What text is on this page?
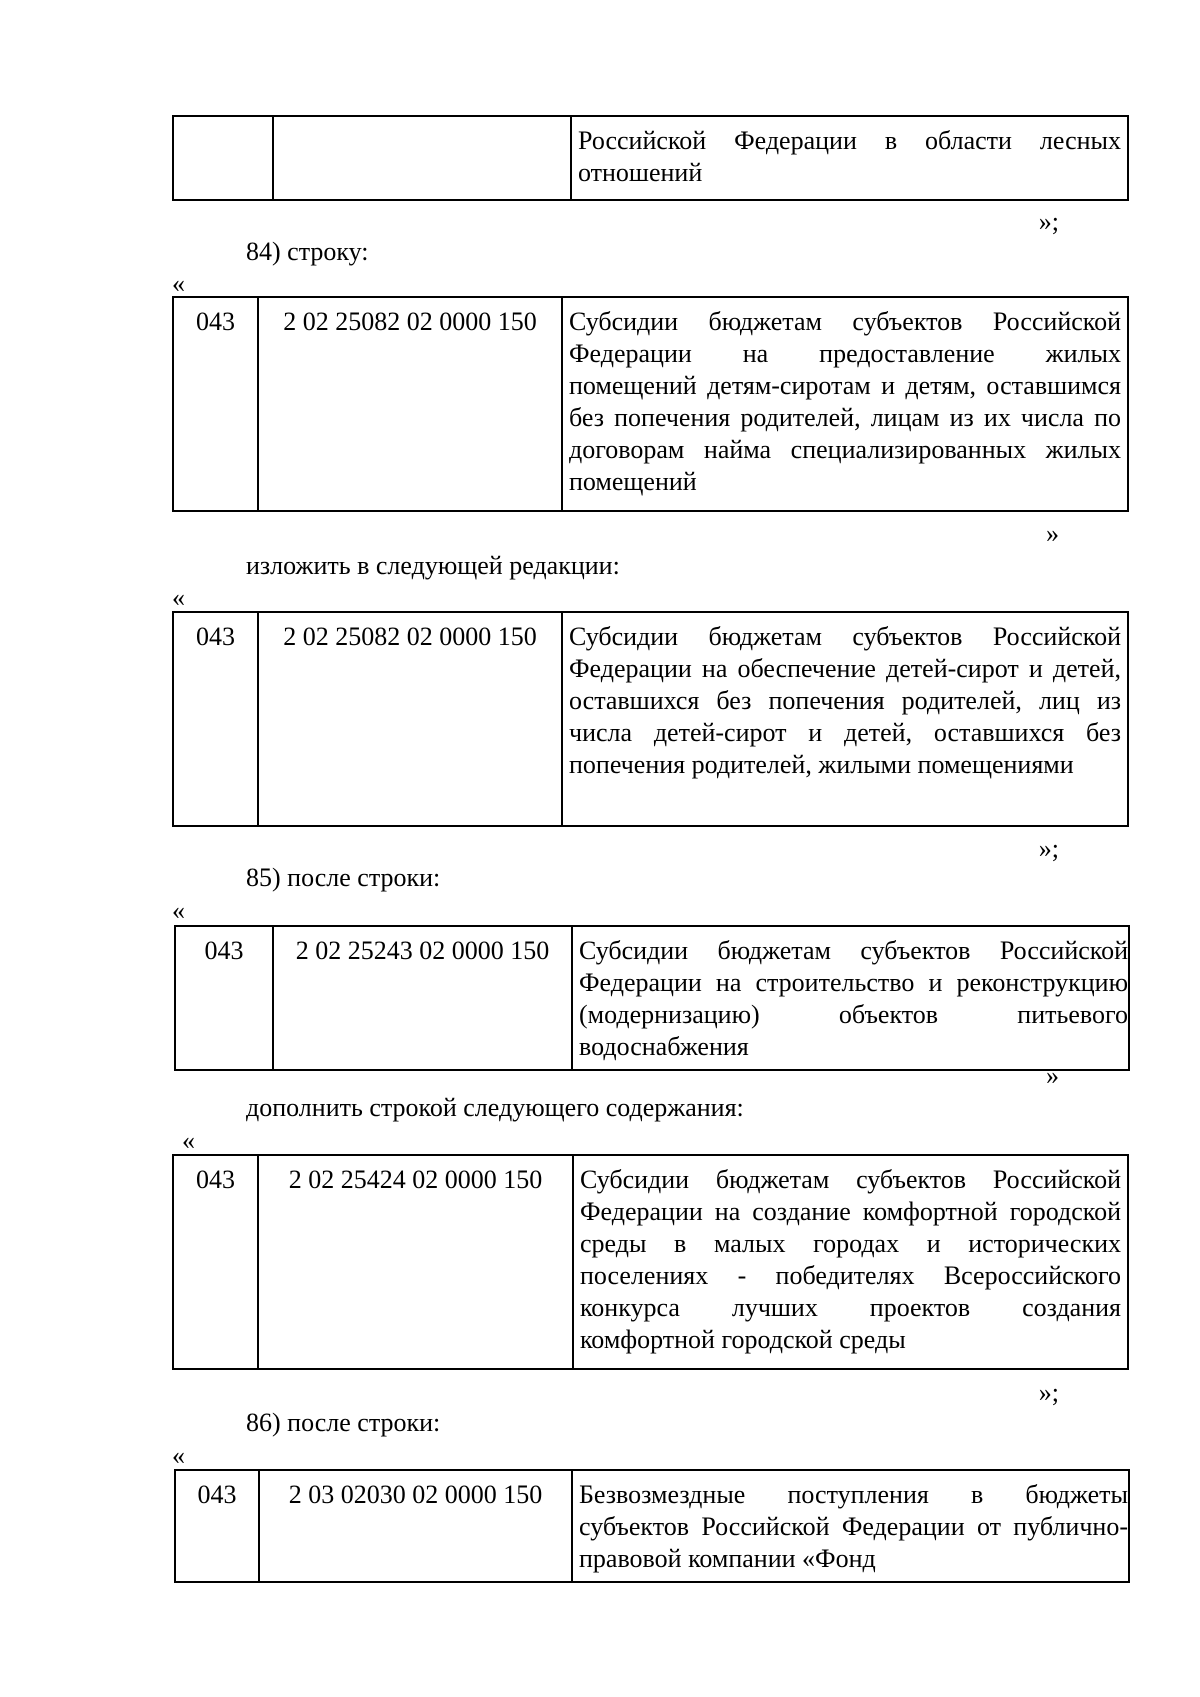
		Российской Федерации в области лесных отношений
»;
84) строку:
«
043	2 02 25082 02 0000 150	Субсидии бюджетам субъектов Российской Федерации на предоставление жилых помещений детям-сиротам и детям, оставшимся без попечения родителей, лицам из их числа по договорам найма специализированных жилых помещений
»
изложить в следующей редакции:
«
043	2 02 25082 02 0000 150	Субсидии бюджетам субъектов Российской Федерации на обеспечение детей-сирот и детей, оставшихся без попечения родителей, лиц из числа детей-сирот и детей, оставшихся без попечения родителей, жилыми помещениями
»;
85) после строки:
«
043	2 02 25243 02 0000 150	Субсидии бюджетам субъектов Российской Федерации на строительство и реконструкцию (модернизацию) объектов питьевого водоснабжения
»
дополнить строкой следующего содержания:
«
043	2 02 25424 02 0000 150	Субсидии бюджетам субъектов Российской Федерации на создание комфортной городской среды в малых городах и исторических поселениях - победителях Всероссийского конкурса лучших проектов создания комфортной городской среды
»;
86) после строки:
«
043	2 03 02030 02 0000 150	Безвозмездные поступления в бюджеты субъектов Российской Федерации от публично-правовой компании «Фонд
